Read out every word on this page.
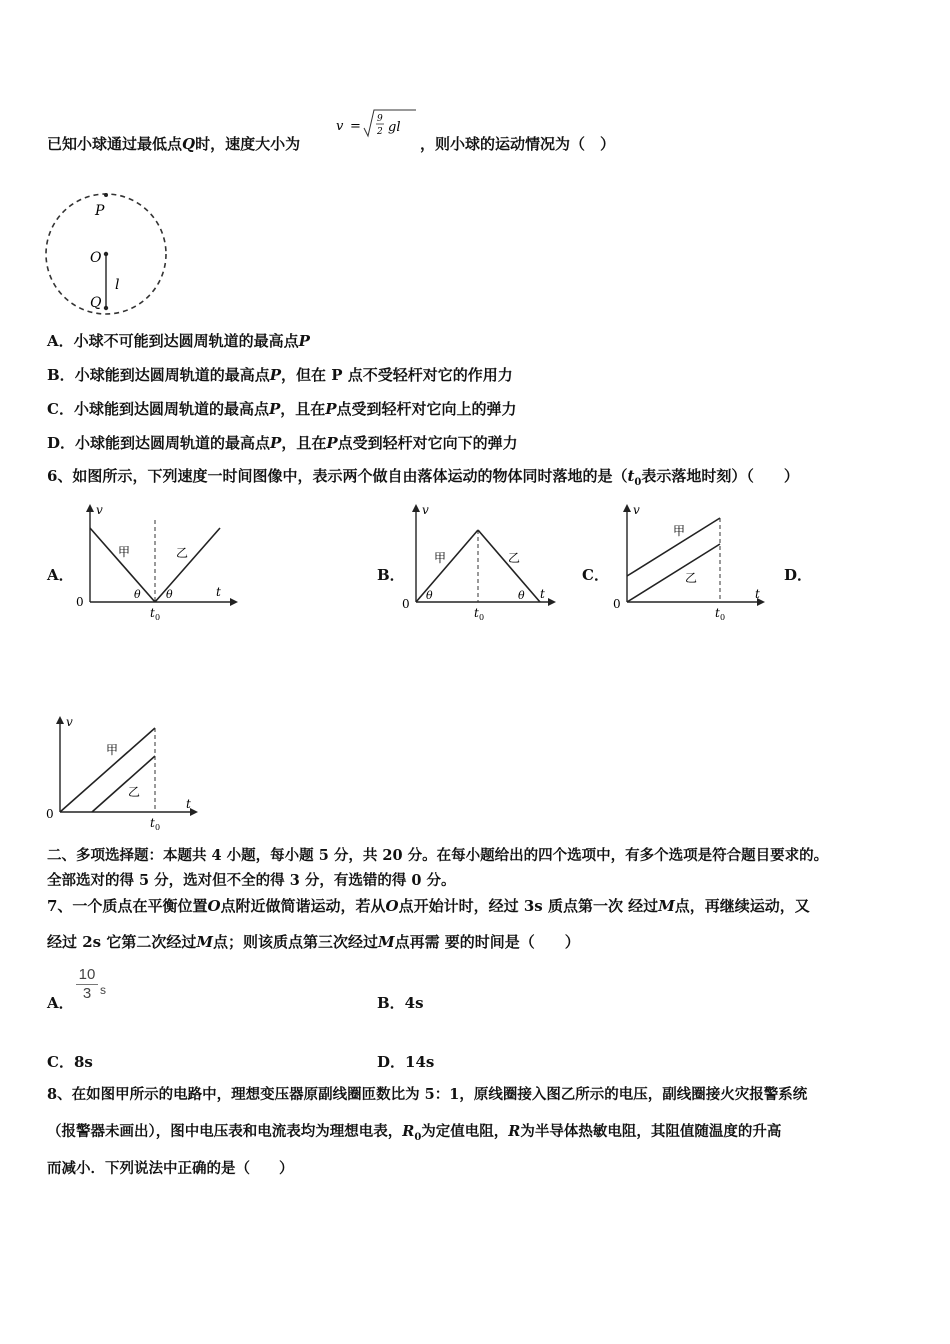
已知小球通过最低点Q时，速度大小为
v = 9
2 gl
，则小球的运动情况为（　）
P
O
Q
l
A．小球不可能到达圆周轨道的最高点P
B．小球能到达圆周轨道的最高点P，但在 P 点不受轻杆对它的作用力
C．小球能到达圆周轨道的最高点P，且在P点受到轻杆对它向上的弹力
D．小球能到达圆周轨道的最高点P，且在P点受到轻杆对它向下的弹力
6、如图所示，下列速度一时间图像中，表示两个做自由落体运动的物体同时落地的是（$t_0$表示落地时刻）（　　）
A．	B．	C．	D．
v
t
0
t 0
甲	乙
θ θ
v
t
0
t 0
甲	乙
θ	θ
v
t
0
t 0
甲
乙
v
t
0
t 0
甲
乙
二、多项选择题：本题共 4 小题，每小题 5 分，共 20 分。在每小题给出的四个选项中，有多个选项是符合题目要求的。
全部选对的得 5 分，选对但不全的得 3 分，有选错的得 0 分。
7、一个质点在平衡位置O点附近做简谐运动，若从O点开始计时，经过 3s 质点第一次 经过M点，再继续运动，又
经过 2s 它第二次经过M点；则该质点第三次经过M点再需 要的时间是（　　）
A． $\frac{10}{3}$ s
B．4s
C．8s	D．14s
8、在如图甲所示的电路中，理想变压器原副线圈匝数比为 5：1，原线圈接入图乙所示的电压，副线圈接火灾报警系统
（报警器未画出），图中电压表和电流表均为理想电表，$R_0$为定值电阻，R为半导体热敏电阻，其阻值随温度的升高
而减小．下列说法中正确的是（　　）
